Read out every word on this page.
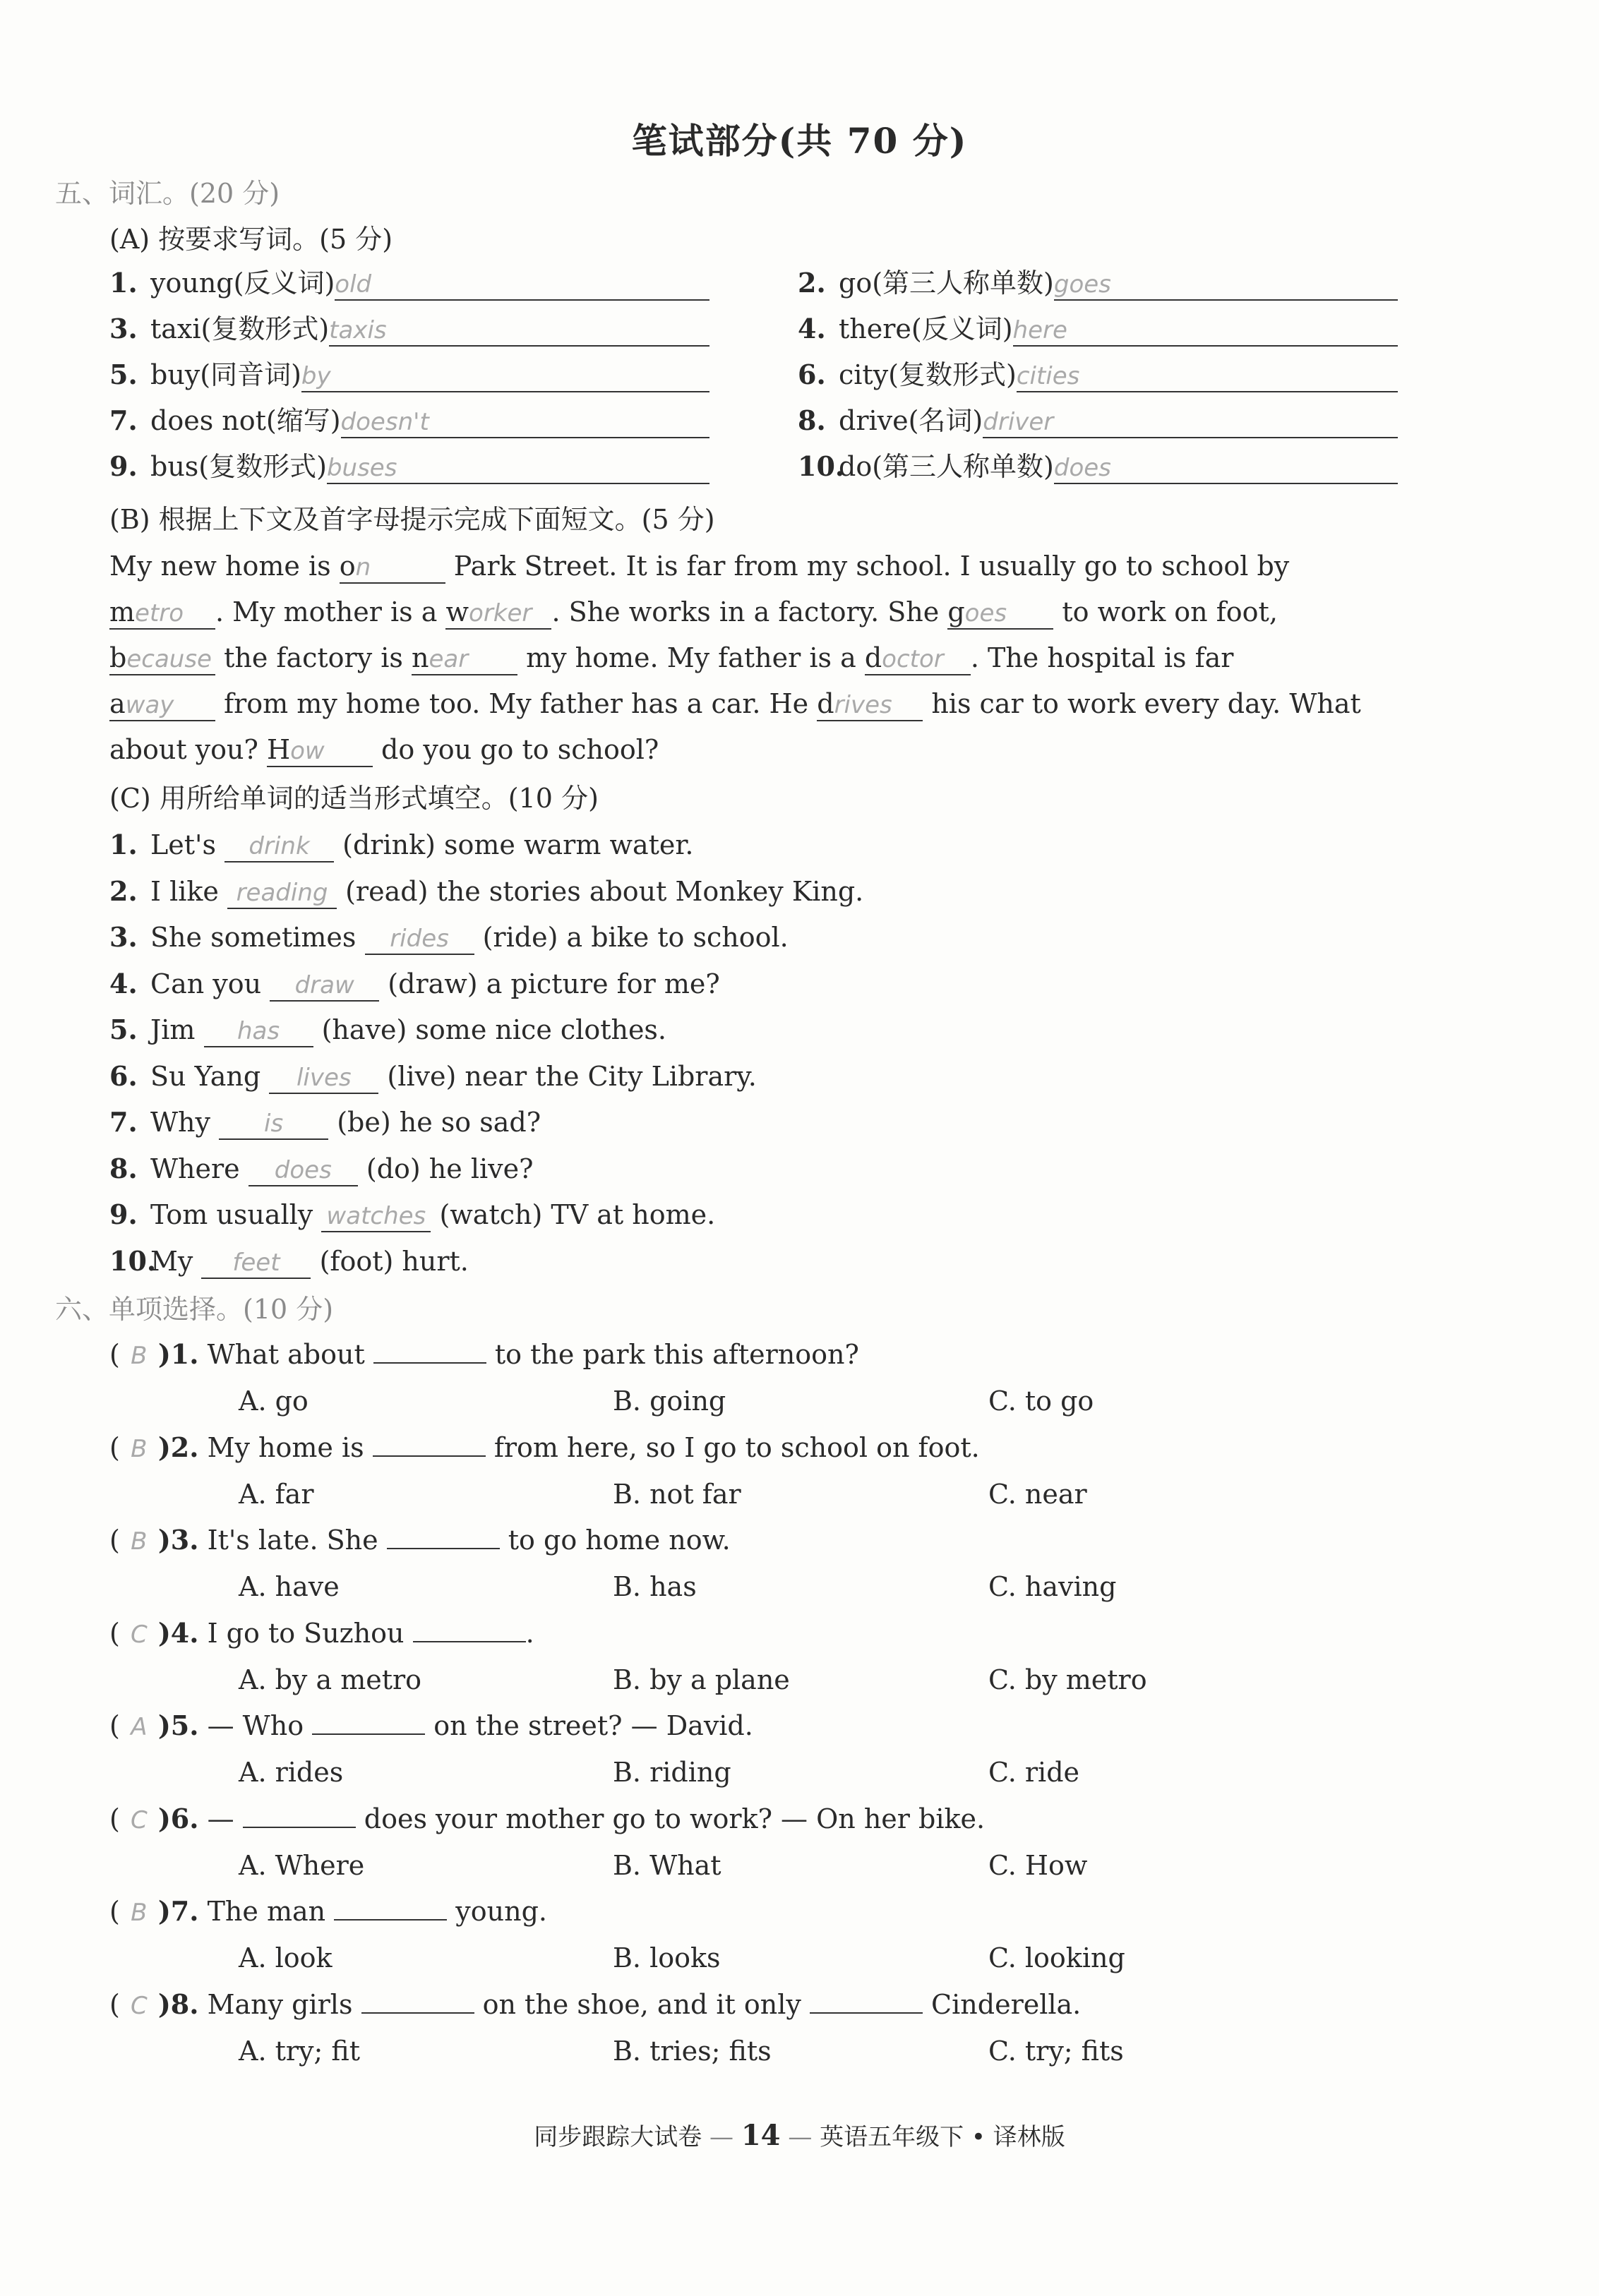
笔试部分(共 70 分)
五、词汇。(20 分)
(A) 按要求写词。(5 分)
1. young(反义词)old	2. go(第三人称单数)goes
3. taxi(复数形式)taxis	4. there(反义词)here
5. buy(同音词)by	6. city(复数形式)cities
7. does not(缩写)doesn't	8. drive(名词)driver
9. bus(复数形式)buses	10.do(第三人称单数)does
(B) 根据上下文及首字母提示完成下面短文。(5 分)
My new home is on	Park Street. It is far from my school. I usually go to school by
metro . My mother is a worker . She works in a factory. She goes to work on foot,
because the factory is near my home. My father is a doctor . The hospital is far
away from my home too. My father has a car. He drives his car to work every day. What
about you? How do you go to school?
(C) 用所给单词的适当形式填空。(10 分)
1. Let's drink (drink) some warm water.
2. I like reading (read) the stories about Monkey King.
3. She sometimes rides (ride) a bike to school.
4. Can you draw (draw) a picture for me?
5. Jim has (have) some nice clothes.
6. Su Yang lives (live) near the City Library.
7. Why is (be) he so sad?
8. Where does (do) he live?
9. Tom usually watches (watch) TV at home.
10.My feet (foot) hurt.
六、单项选择。(10 分)
( B )1. What about	to the park this afternoon?
A. go	B. going	C. to go
( B )2. My home is	from here, so I go to school on foot.
A. far	B. not far	C. near
( B )3. It's late. She	to go home now.
A. have	B. has	C. having
( C )4. I go to Suzhou	.
A. by a metro	B. by a plane	C. by metro
( A )5. — Who	on the street? — David.
A. rides	B. riding	C. ride
( C )6. —	does your mother go to work? — On her bike.
A. Where	B. What	C. How
( B )7. The man	young.
A. look	B. looks	C. looking
( C )8. Many girls	on the shoe, and it only	Cinderella.
A. try; fit	B. tries; fits	C. try; fits
同步跟踪大试卷 — 14 — 英语五年级下 • 译林版
